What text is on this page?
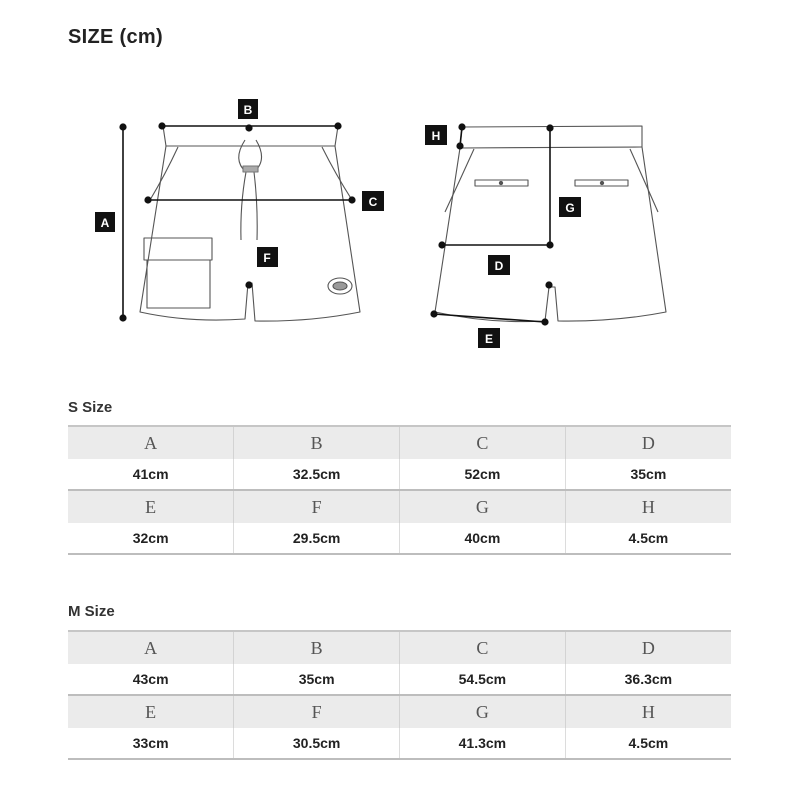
SIZE (cm)
A
B
C
F
H
G
D
E
S Size
A	B	C	D
41cm	32.5cm	52cm	35cm
E	F	G	H
32cm	29.5cm	40cm	4.5cm
M Size
A	B	C	D
43cm	35cm	54.5cm	36.3cm
E	F	G	H
33cm	30.5cm	41.3cm	4.5cm
